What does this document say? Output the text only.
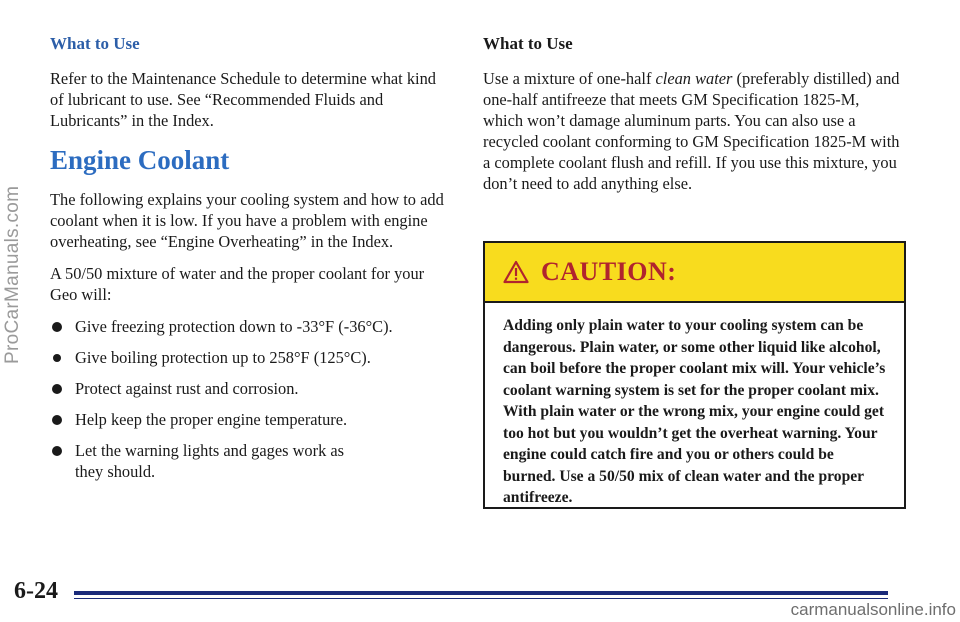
ProCarManuals.com
What to Use

Refer to the Maintenance Schedule to determine what kind of lubricant to use. See “Recommended Fluids and Lubricants” in the Index.

Engine Coolant

The following explains your cooling system and how to add coolant when it is low. If you have a problem with engine overheating, see “Engine Overheating” in the Index.

A 50/50 mixture of water and the proper coolant for your Geo will:

Give freezing protection down to -33°F (-36°C).
Give boiling protection up to 258°F (125°C).
Protect against rust and corrosion.
Help keep the proper engine temperature.
Let the warning lights and gages work as they should.
What to Use

Use a mixture of one-half clean water (preferably distilled) and one-half antifreeze that meets GM Specification 1825-M, which won’t damage aluminum parts. You can also use a recycled coolant conforming to GM Specification 1825-M with a complete coolant flush and refill. If you use this mixture, you don’t need to add anything else.

CAUTION:
Adding only plain water to your cooling system can be dangerous. Plain water, or some other liquid like alcohol, can boil before the proper coolant mix will. Your vehicle’s coolant warning system is set for the proper coolant mix. With plain water or the wrong mix, your engine could get too hot but you wouldn’t get the overheat warning. Your engine could catch fire and you or others could be burned. Use a 50/50 mix of clean water and the proper antifreeze.
6-24
carmanualsonline.info
